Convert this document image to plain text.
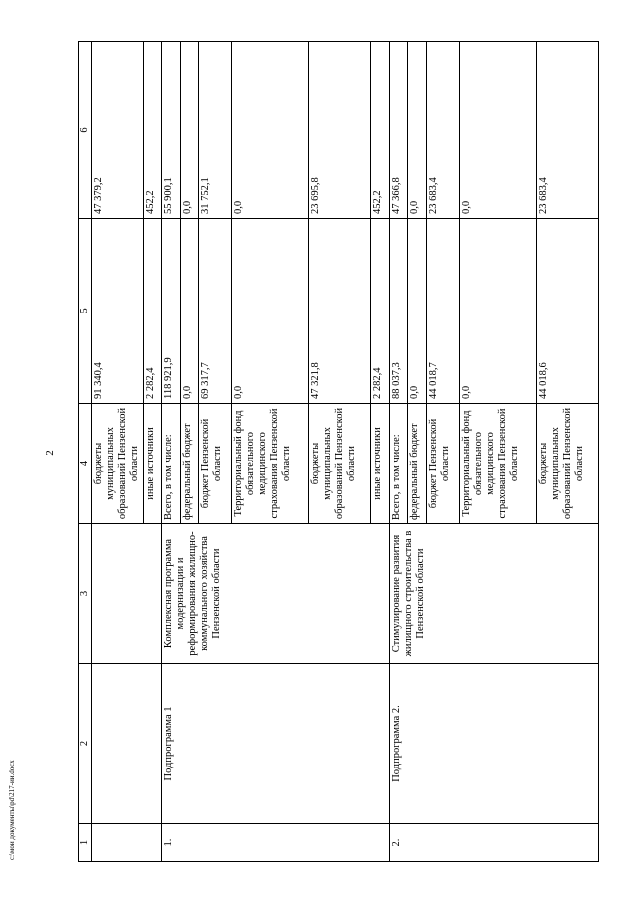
2
c:\мои документы\pd\217-ии.docx	1	2	3	4	5	6
			бюджеты муниципальных образований Пензенской области	91 340,4	47 379,2
			иные источники	2 282,4	452,2
1.	Подпрограмма 1	Комплексная программа модернизации и реформирования жилищно-коммунального хозяйства Пензенской области	Всего, в том числе:	118 921,9	55 900,1
			федеральный бюджет	0,0	0,0
			бюджет Пензенской области	69 317,7	31 752,1
			Территориальный фонд обязательного медицинского страхования Пензенской области	0,0	0,0
			бюджеты муниципальных образований Пензенской области	47 321,8	23 695,8
			иные источники	2 282,4	452,2
2.	Подпрограмма 2.	Стимулирование развития жилищного строительства в Пензенской области	Всего, в том числе:	88 037,3	47 366,8
			федеральный бюджет	0,0	0,0
			бюджет Пензенской области	44 018,7	23 683,4
			Территориальный фонд обязательного медицинского страхования Пензенской области	0,0	0,0
			бюджеты муниципальных образований Пензенской области	44 018,6	23 683,4
